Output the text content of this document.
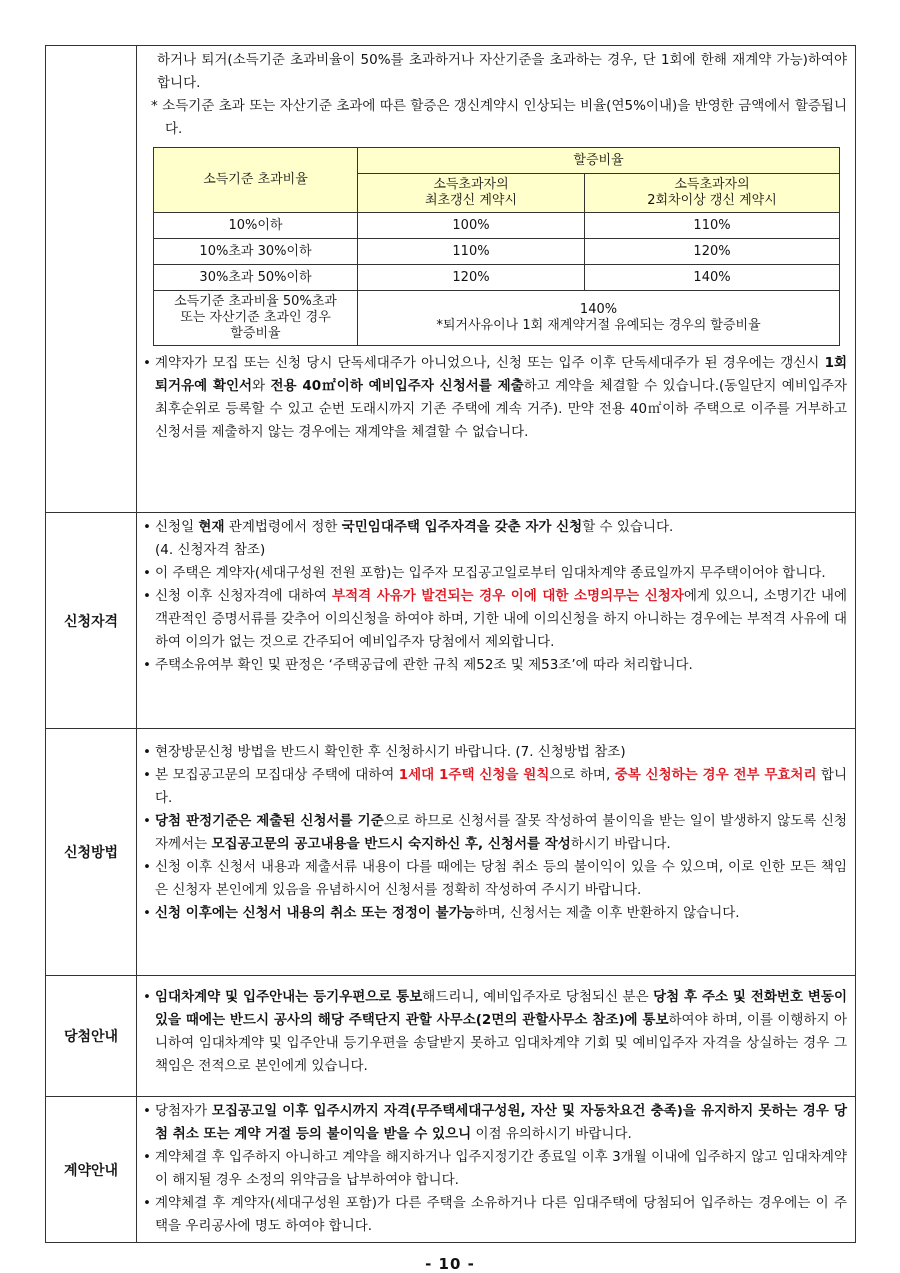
하거나 퇴거(소득기준 초과비율이 50%를 초과하거나 자산기준을 초과하는 경우, 단 1회에 한해 재계약 가능)하여야 합니다.

* 소득기준 초과 또는 자산기준 초과에 따른 할증은 갱신계약시 인상되는 비율(연5%이내)을 반영한 금액에서 할증됩니다.

소득기준 초과비율	할증비율

소득초과자의
최초갱신 계약시

소득초과자의
2회차이상 갱신 계약시

10%이하	100%	110%
10%초과 30%이하	110%	120%
30%초과 50%이하	120%	140%

소득기준 초과비율 50%초과
또는 자산기준 초과인 경우
할증비율

140%
*퇴거사유이나 1회 재계약거절 유예되는 경우의 할증비율

• 계약자가 모집 또는 신청 당시 단독세대주가 아니었으나, 신청 또는 입주 이후 단독세대주가 된 경우에는 갱신시 1회 퇴거유예 확인서와 전용 40㎡이하 예비입주자 신청서를 제출하고 계약을 체결할 수 있습니다.(동일단지 예비입주자 최후순위로 등록할 수 있고 순번 도래시까지 기존 주택에 계속 거주). 만약 전용 40㎡이하 주택으로 이주를 거부하고 신청서를 제출하지 않는 경우에는 재계약을 체결할 수 없습니다.

신청자격	

• 신청일 현재 관계법령에서 정한 국민임대주택 입주자격을 갖춘 자가 신청할 수 있습니다.

(4. 신청자격 참조)

• 이 주택은 계약자(세대구성원 전원 포함)는 입주자 모집공고일로부터 임대차계약 종료일까지 무주택이어야 합니다.

• 신청 이후 신청자격에 대하여 부적격 사유가 발견되는 경우 이에 대한 소명의무는 신청자에게 있으니, 소명기간 내에 객관적인 증명서류를 갖추어 이의신청을 하여야 하며, 기한 내에 이의신청을 하지 아니하는 경우에는 부적격 사유에 대하여 이의가 없는 것으로 간주되어 예비입주자 당첨에서 제외합니다.

• 주택소유여부 확인 및 판정은 ‘주택공급에 관한 규칙 제52조 및 제53조’에 따라 처리합니다.

신청방법	

• 현장방문신청 방법을 반드시 확인한 후 신청하시기 바랍니다. (7. 신청방법 참조)

• 본 모집공고문의 모집대상 주택에 대하여 1세대 1주택 신청을 원칙으로 하며, 중복 신청하는 경우 전부 무효처리 합니다.

• 당첨 판정기준은 제출된 신청서를 기준으로 하므로 신청서를 잘못 작성하여 불이익을 받는 일이 발생하지 않도록 신청자께서는 모집공고문의 공고내용을 반드시 숙지하신 후, 신청서를 작성하시기 바랍니다.

• 신청 이후 신청서 내용과 제출서류 내용이 다를 때에는 당첨 취소 등의 불이익이 있을 수 있으며, 이로 인한 모든 책임은 신청자 본인에게 있음을 유념하시어 신청서를 정확히 작성하여 주시기 바랍니다.

• 신청 이후에는 신청서 내용의 취소 또는 정정이 불가능하며, 신청서는 제출 이후 반환하지 않습니다.

당첨안내	

• 임대차계약 및 입주안내는 등기우편으로 통보해드리니, 예비입주자로 당첨되신 분은 당첨 후 주소 및 전화번호 변동이 있을 때에는 반드시 공사의 해당 주택단지 관할 사무소(2면의 관할사무소 참조)에 통보하여야 하며, 이를 이행하지 아니하여 임대차계약 및 입주안내 등기우편을 송달받지 못하고 임대차계약 기회 및 예비입주자 자격을 상실하는 경우 그 책임은 전적으로 본인에게 있습니다.

계약안내	

• 당첨자가 모집공고일 이후 입주시까지 자격(무주택세대구성원, 자산 및 자동차요건 충족)을 유지하지 못하는 경우 당첨 취소 또는 계약 거절 등의 불이익을 받을 수 있으니 이점 유의하시기 바랍니다.

• 계약체결 후 입주하지 아니하고 계약을 해지하거나 입주지정기간 종료일 이후 3개월 이내에 입주하지 않고 임대차계약이 해지될 경우 소정의 위약금을 납부하여야 합니다.

• 계약체결 후 계약자(세대구성원 포함)가 다른 주택을 소유하거나 다른 임대주택에 당첨되어 입주하는 경우에는 이 주택을 우리공사에 명도 하여야 합니다.

- 10 -
